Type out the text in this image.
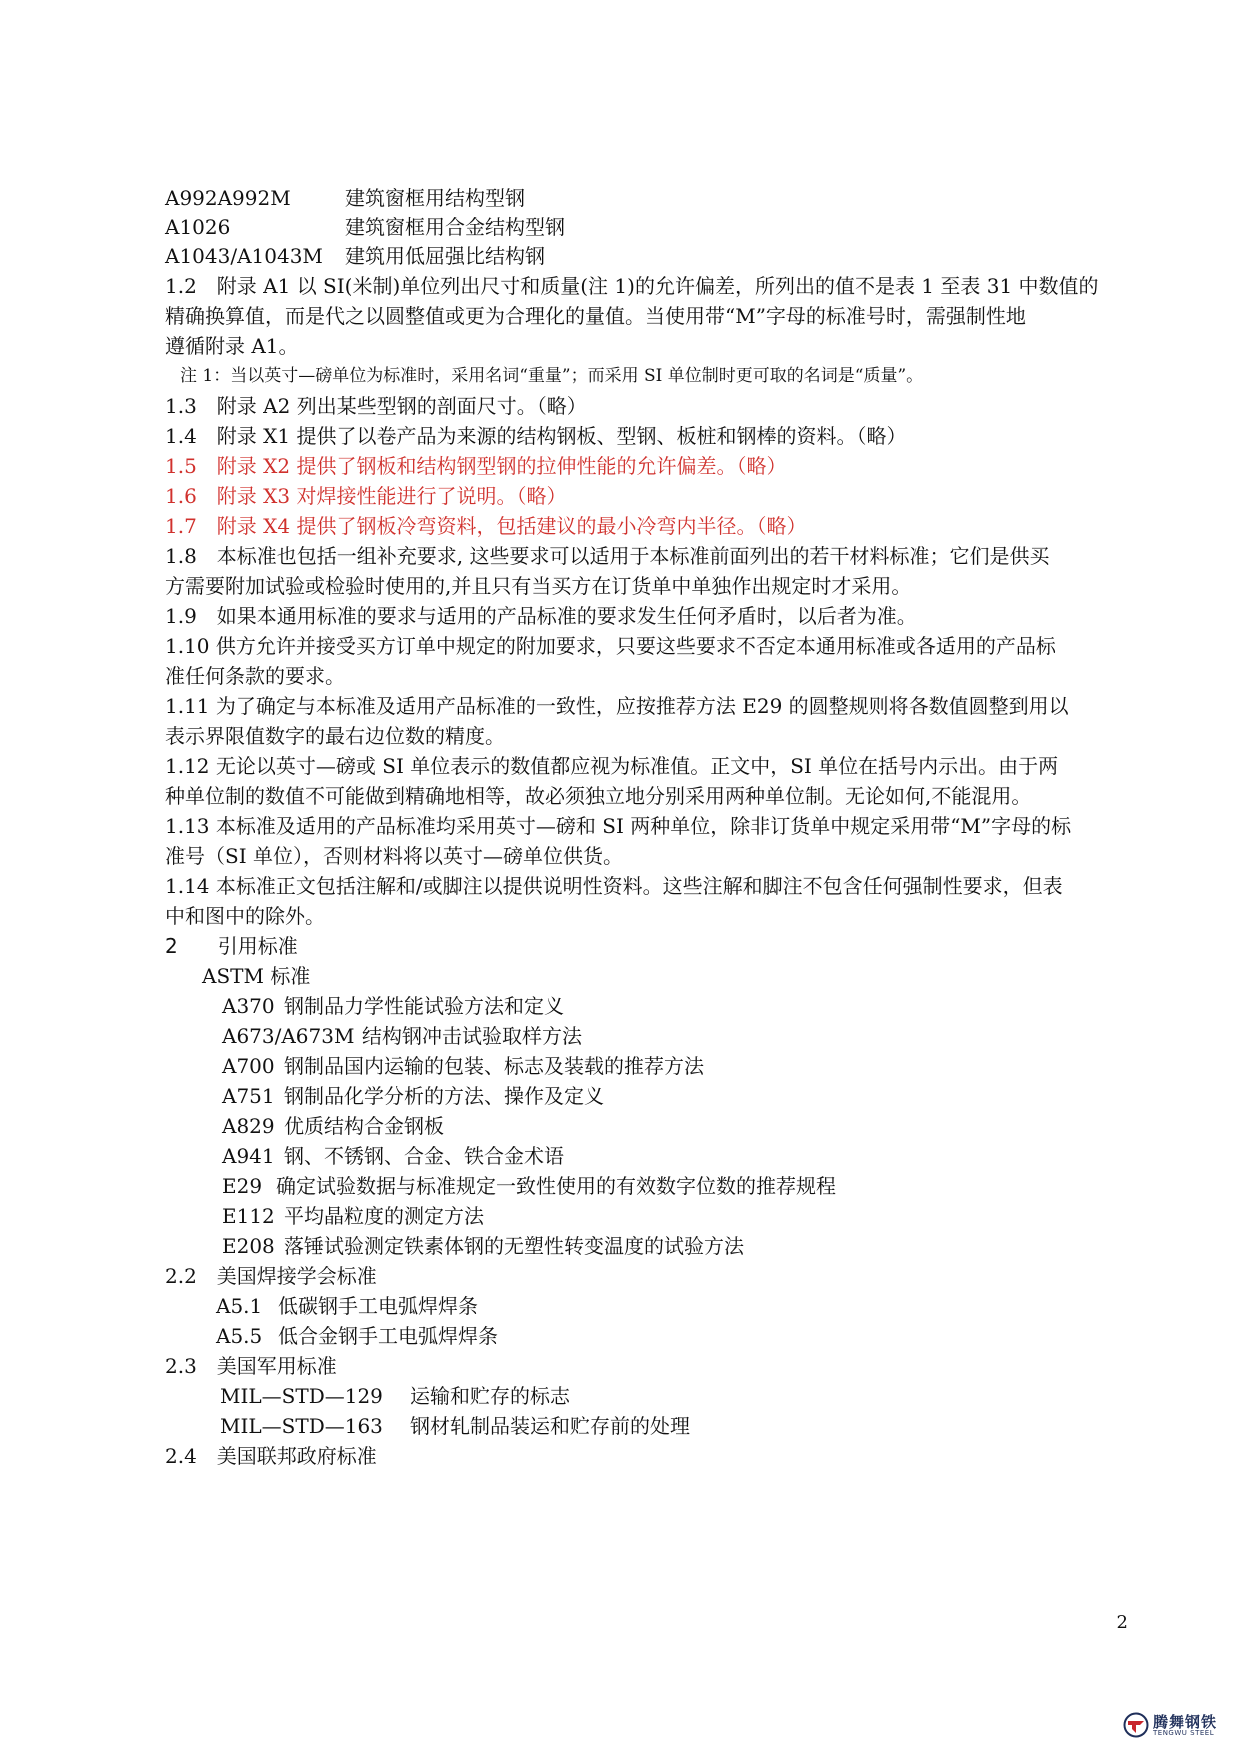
A992A992M	建筑窗框用结构型钢
A1026	建筑窗框用合金结构型钢
A1043/A1043M 建筑用低屈强比结构钢
1.2　附录 A1 以 SI(米制)单位列出尺寸和质量(注 1)的允许偏差，所列出的值不是表 1 至表 31 中数值的
精确换算值，而是代之以圆整值或更为合理化的量值。当使用带“M”字母的标准号时，需强制性地
遵循附录 A1。
注 1：当以英寸—磅单位为标准时，采用名词“重量”；而采用 SI 单位制时更可取的名词是“质量”。
1.3　附录 A2 列出某些型钢的剖面尺寸。（略）
1.4　附录 X1 提供了以卷产品为来源的结构钢板、型钢、板桩和钢棒的资料。（略）
1.5　附录 X2 提供了钢板和结构钢型钢的拉伸性能的允许偏差。（略）
1.6　附录 X3 对焊接性能进行了说明。（略）
1.7　附录 X4 提供了钢板冷弯资料，包括建议的最小冷弯内半径。（略）
1.8　本标准也包括一组补充要求, 这些要求可以适用于本标准前面列出的若干材料标准；它们是供买
方需要附加试验或检验时使用的,并且只有当买方在订货单中单独作出规定时才采用。
1.9　如果本通用标准的要求与适用的产品标准的要求发生任何矛盾时，以后者为准。
1.10 供方允许并接受买方订单中规定的附加要求，只要这些要求不否定本通用标准或各适用的产品标
准任何条款的要求。
1.11 为了确定与本标准及适用产品标准的一致性，应按推荐方法 E29 的圆整规则将各数值圆整到用以
表示界限值数字的最右边位数的精度。
1.12 无论以英寸—磅或 SI 单位表示的数值都应视为标准值。正文中，SI 单位在括号内示出。由于两
种单位制的数值不可能做到精确地相等，故必须独立地分别采用两种单位制。无论如何,不能混用。
1.13 本标准及适用的产品标准均采用英寸—磅和 SI 两种单位，除非订货单中规定采用带“M”字母的标
准号（SI 单位），否则材料将以英寸—磅单位供货。
1.14 本标准正文包括注解和/或脚注以提供说明性资料。这些注解和脚注不包含任何强制性要求，但表
中和图中的除外。
2　　引用标准
ASTM 标准
A370 钢制品力学性能试验方法和定义
A673/A673M 结构钢冲击试验取样方法
A700 钢制品国内运输的包装、标志及装载的推荐方法
A751 钢制品化学分析的方法、操作及定义
A829 优质结构合金钢板
A941 钢、不锈钢、合金、铁合金术语
E29 确定试验数据与标准规定一致性使用的有效数字位数的推荐规程
E112 平均晶粒度的测定方法
E208 落锤试验测定铁素体钢的无塑性转变温度的试验方法
2.2　美国焊接学会标准
A5.1 低碳钢手工电弧焊焊条
A5.5 低合金钢手工电弧焊焊条
2.3　美国军用标准
MIL—STD—129 运输和贮存的标志
MIL—STD—163 钢材轧制品装运和贮存前的处理
2.4　美国联邦政府标准
2
腾舞钢铁
TENGWU STEEL
